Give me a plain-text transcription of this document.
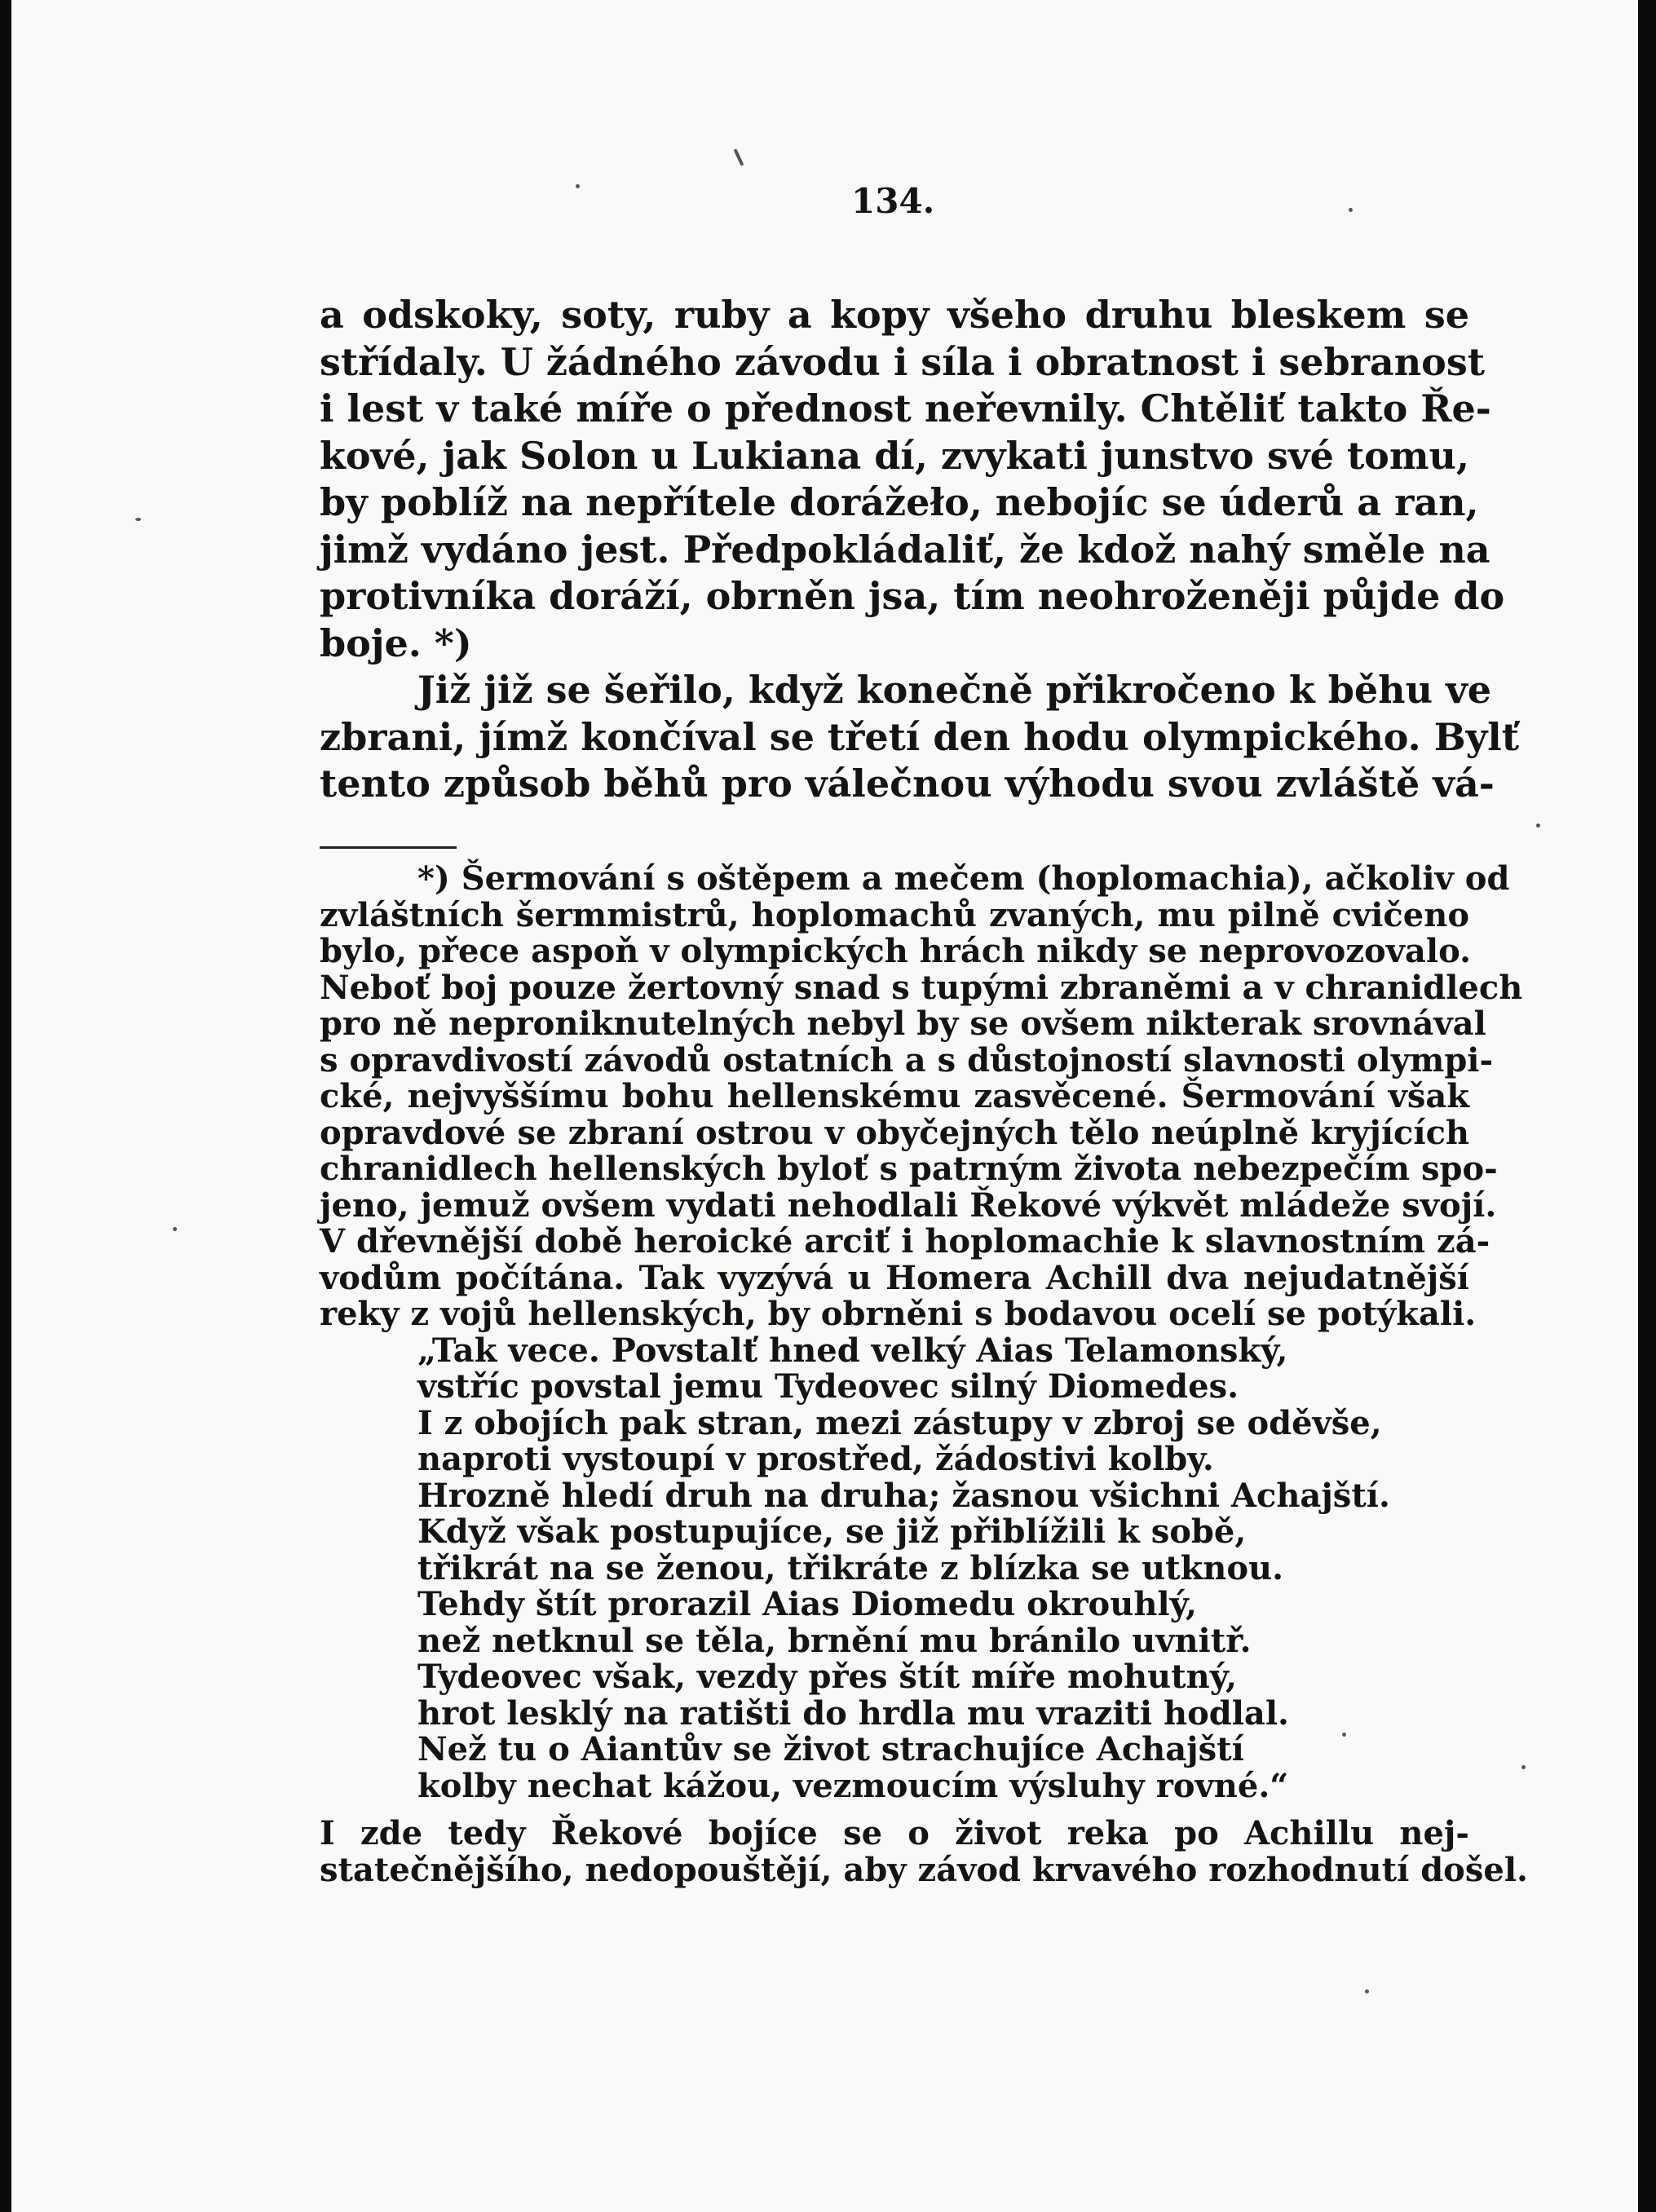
134.
a odskoky, soty, ruby a kopy všeho druhu bleskem se
střídaly. U žádného závodu i síla i obratnost i sebranost
i lest v také míře o přednost neřevnily. Chtěliť takto Ře-
kové, jak Solon u Lukiana dí, zvykati junstvo své tomu,
by poblíž na nepřítele dorážeło, nebojíc se úderů a ran,
jimž vydáno jest. Předpokládaliť, že kdož nahý směle na
protivníka doráží, obrněn jsa, tím neohroženěji půjde do
boje. *)
Již již se šeřilo, když konečně přikročeno k běhu ve
zbrani, jímž končíval se třetí den hodu olympického. Bylť
tento způsob běhů pro válečnou výhodu svou zvláště vá-
*) Šermování s oštěpem a mečem (hoplomachia), ačkoliv od
zvláštních šermmistrů, hoplomachů zvaných, mu pilně cvičeno
bylo, přece aspoň v olympických hrách nikdy se neprovozovalo.
Neboť boj pouze žertovný snad s tupými zbraněmi a v chranidlech
pro ně neproniknutelných nebyl by se ovšem nikterak srovnával
s opravdivostí závodů ostatních a s důstojností slavnosti olympi-
cké, nejvyššímu bohu hellenskému zasvěcené. Šermování však
opravdové se zbraní ostrou v obyčejných tělo neúplně kryjících
chranidlech hellenských byloť s patrným života nebezpečím spo-
jeno, jemuž ovšem vydati nehodlali Řekové výkvět mládeže svojí.
V dřevnější době heroické arciť i hoplomachie k slavnostním zá-
vodům počítána. Tak vyzývá u Homera Achill dva nejudatnější
reky z vojů hellenských, by obrněni s bodavou ocelí se potýkali.
„Tak vece. Povstalť hned velký Aias Telamonský,
vstříc povstal jemu Tydeovec silný Diomedes.
I z obojích pak stran, mezi zástupy v zbroj se oděvše,
naproti vystoupí v prostřed, žádostivi kolby.
Hrozně hledí druh na druha; žasnou všichni Achajští.
Když však postupujíce, se již přiblížili k sobě,
třikrát na se ženou, třikráte z blízka se utknou.
Tehdy štít prorazil Aias Diomedu okrouhlý,
než netknul se těla, brnění mu bránilo uvnitř.
Tydeovec však, vezdy přes štít míře mohutný,
hrot lesklý na ratišti do hrdla mu vraziti hodlal.
Než tu o Aiantův se život strachujíce Achajští
kolby nechat kážou, vezmoucím výsluhy rovné.“
I zde tedy Řekové bojíce se o život reka po Achillu nej-
statečnějšího, nedopouštějí, aby závod krvavého rozhodnutí došel.
